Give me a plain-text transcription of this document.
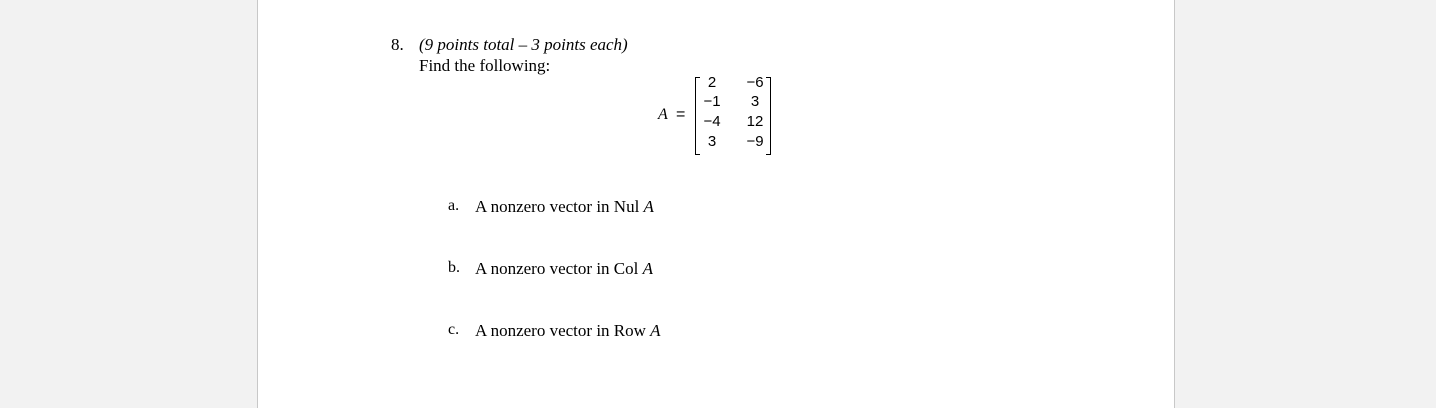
8. (9 points total – 3 points each)
Find the following:
A =
2	−6
−1	3
−4	12
3	−9
a. A nonzero vector in Nul A
b. A nonzero vector in Col A
c. A nonzero vector in Row A
